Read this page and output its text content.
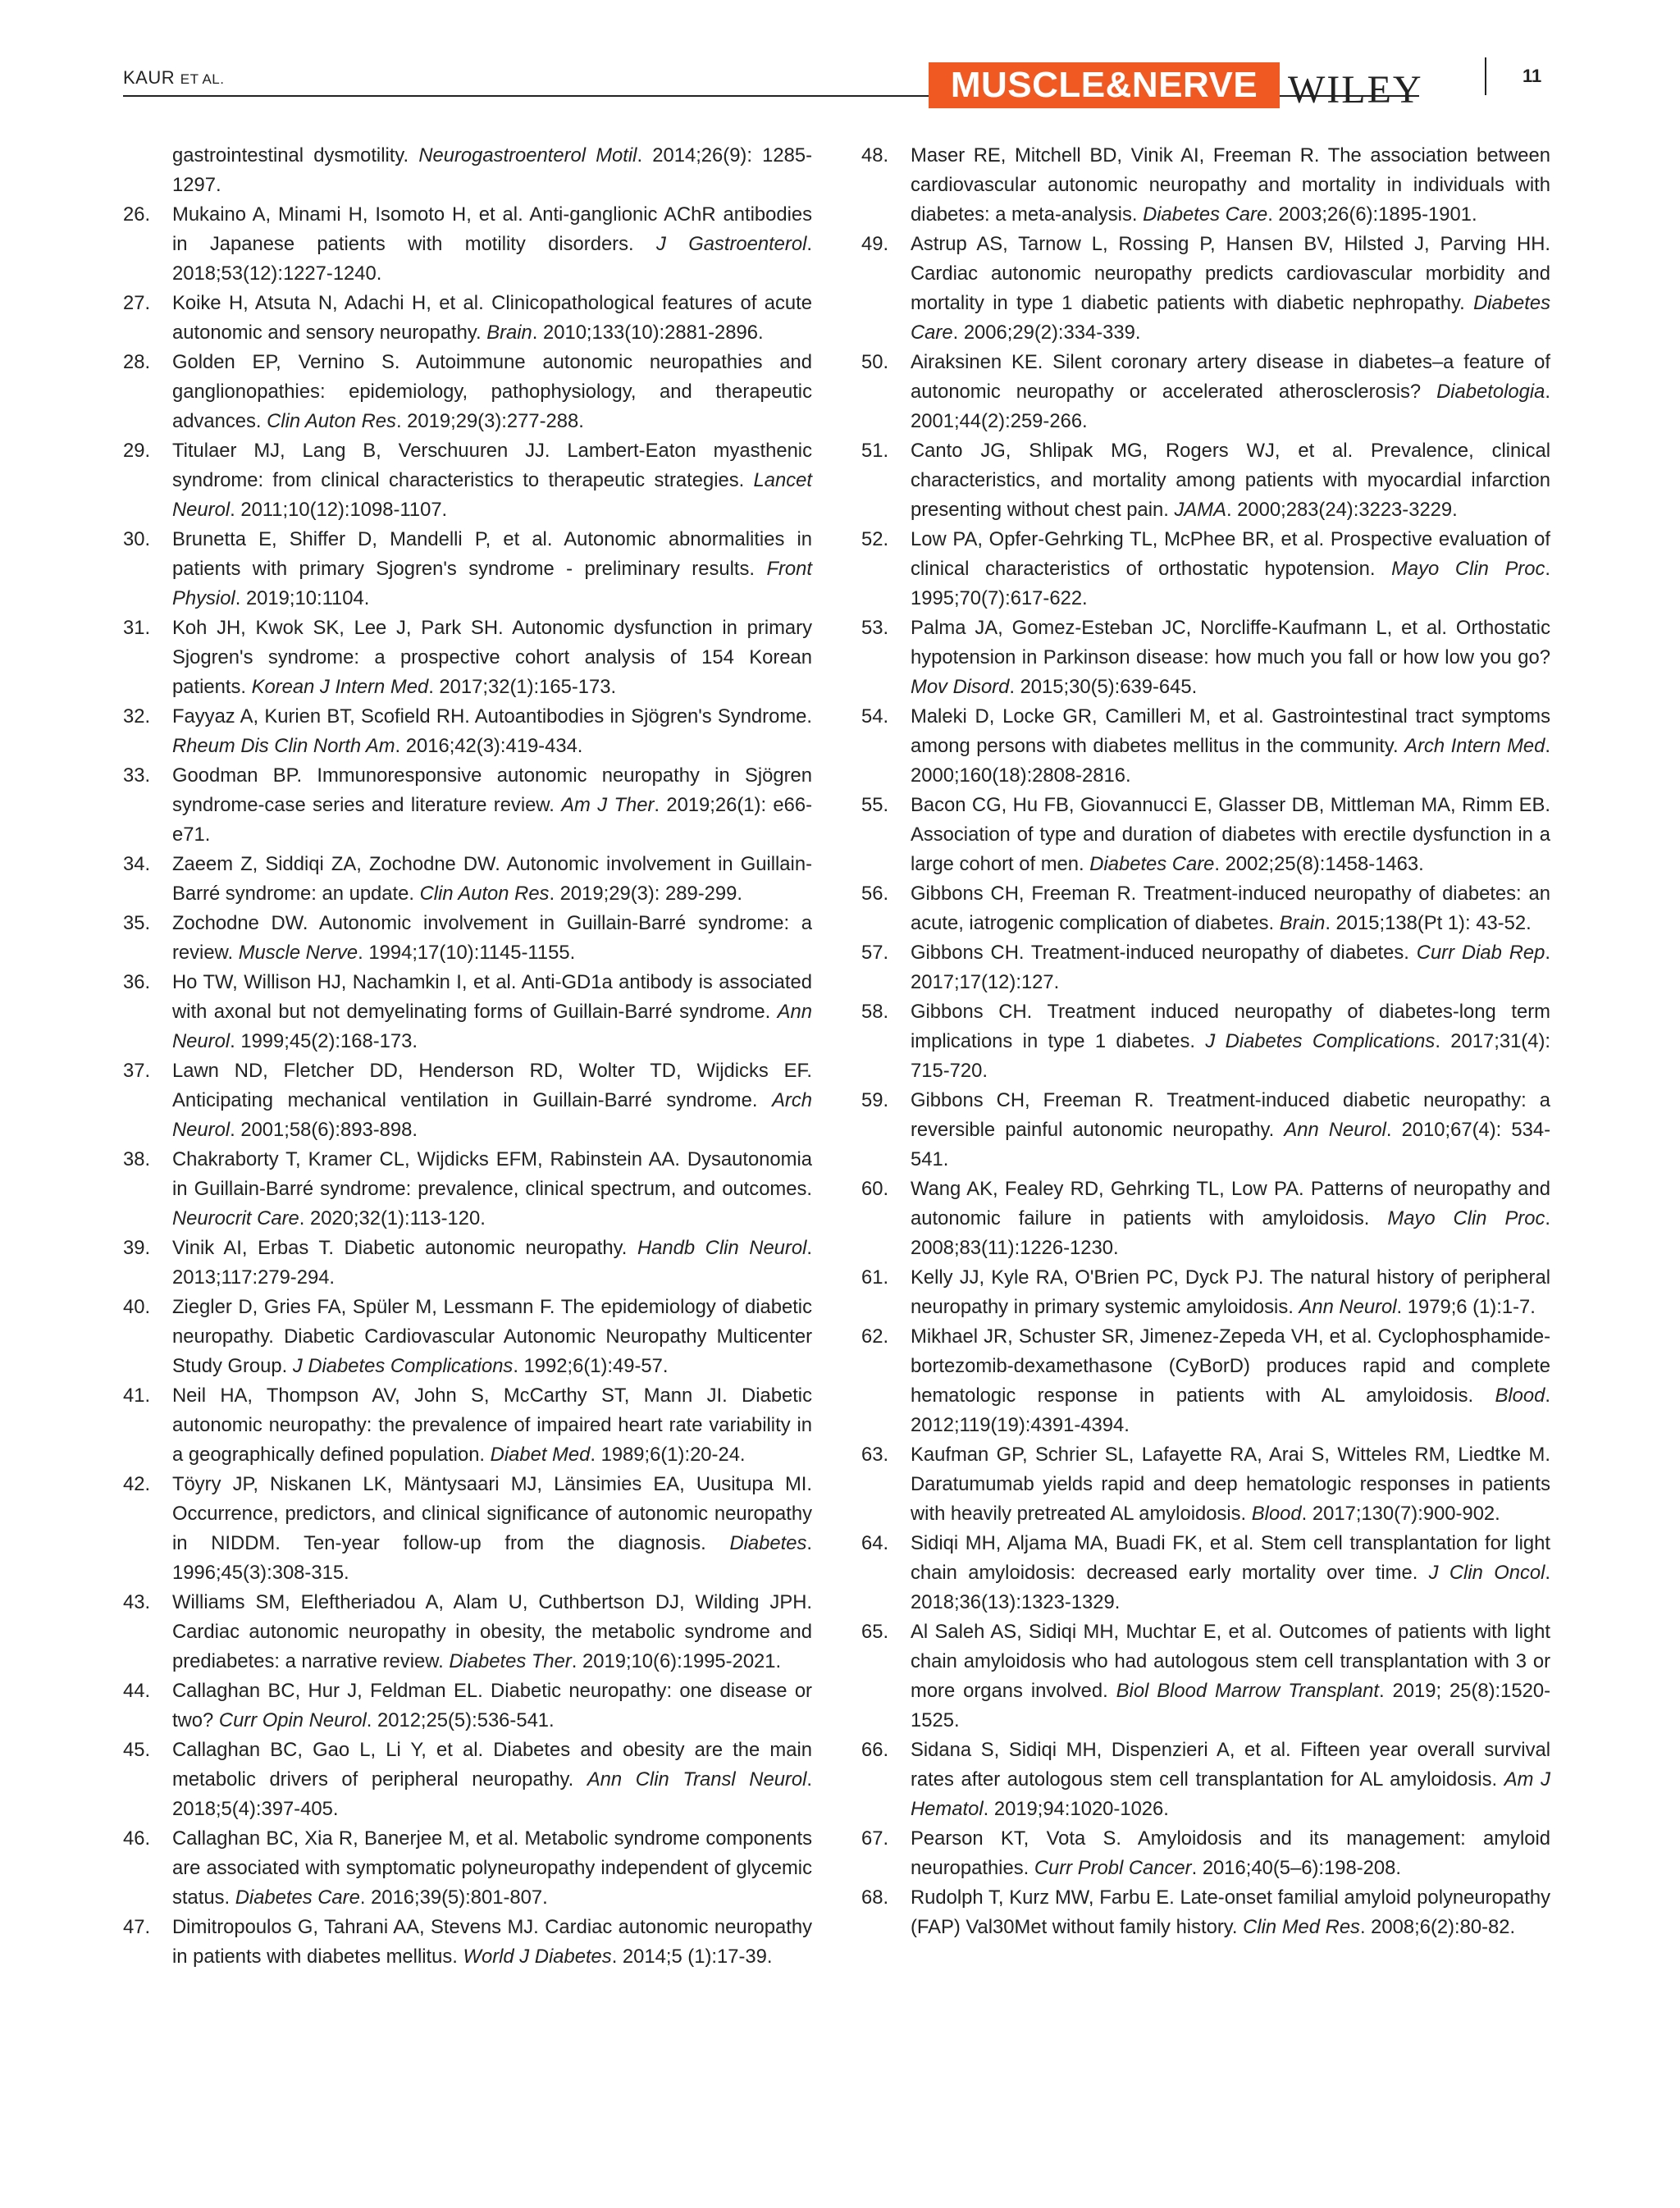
KAUR ET AL.	MUSCLE&NERVE WILEY	11

gastrointestinal dysmotility. Neurogastroenterol Motil. 2014;26(9): 1285-1297.

26. Mukaino A, Minami H, Isomoto H, et al. Anti-ganglionic AChR antibodies in Japanese patients with motility disorders. J Gastroenterol. 2018;53(12):1227-1240.

27. Koike H, Atsuta N, Adachi H, et al. Clinicopathological features of acute autonomic and sensory neuropathy. Brain. 2010;133(10):2881-2896.

28. Golden EP, Vernino S. Autoimmune autonomic neuropathies and ganglionopathies: epidemiology, pathophysiology, and therapeutic advances. Clin Auton Res. 2019;29(3):277-288.

29. Titulaer MJ, Lang B, Verschuuren JJ. Lambert-Eaton myasthenic syndrome: from clinical characteristics to therapeutic strategies. Lancet Neurol. 2011;10(12):1098-1107.

30. Brunetta E, Shiffer D, Mandelli P, et al. Autonomic abnormalities in patients with primary Sjogren's syndrome - preliminary results. Front Physiol. 2019;10:1104.

31. Koh JH, Kwok SK, Lee J, Park SH. Autonomic dysfunction in primary Sjogren's syndrome: a prospective cohort analysis of 154 Korean patients. Korean J Intern Med. 2017;32(1):165-173.

32. Fayyaz A, Kurien BT, Scofield RH. Autoantibodies in Sjögren's Syndrome. Rheum Dis Clin North Am. 2016;42(3):419-434.

33. Goodman BP. Immunoresponsive autonomic neuropathy in Sjögren syndrome-case series and literature review. Am J Ther. 2019;26(1): e66-e71.

34. Zaeem Z, Siddiqi ZA, Zochodne DW. Autonomic involvement in Guillain-Barré syndrome: an update. Clin Auton Res. 2019;29(3): 289-299.

35. Zochodne DW. Autonomic involvement in Guillain-Barré syndrome: a review. Muscle Nerve. 1994;17(10):1145-1155.

36. Ho TW, Willison HJ, Nachamkin I, et al. Anti-GD1a antibody is associated with axonal but not demyelinating forms of Guillain-Barré syndrome. Ann Neurol. 1999;45(2):168-173.

37. Lawn ND, Fletcher DD, Henderson RD, Wolter TD, Wijdicks EF. Anticipating mechanical ventilation in Guillain-Barré syndrome. Arch Neurol. 2001;58(6):893-898.

38. Chakraborty T, Kramer CL, Wijdicks EFM, Rabinstein AA. Dysautonomia in Guillain-Barré syndrome: prevalence, clinical spectrum, and outcomes. Neurocrit Care. 2020;32(1):113-120.

39. Vinik AI, Erbas T. Diabetic autonomic neuropathy. Handb Clin Neurol. 2013;117:279-294.

40. Ziegler D, Gries FA, Spüler M, Lessmann F. The epidemiology of diabetic neuropathy. Diabetic Cardiovascular Autonomic Neuropathy Multicenter Study Group. J Diabetes Complications. 1992;6(1):49-57.

41. Neil HA, Thompson AV, John S, McCarthy ST, Mann JI. Diabetic autonomic neuropathy: the prevalence of impaired heart rate variability in a geographically defined population. Diabet Med. 1989;6(1):20-24.

42. Töyry JP, Niskanen LK, Mäntysaari MJ, Länsimies EA, Uusitupa MI. Occurrence, predictors, and clinical significance of autonomic neuropathy in NIDDM. Ten-year follow-up from the diagnosis. Diabetes. 1996;45(3):308-315.

43. Williams SM, Eleftheriadou A, Alam U, Cuthbertson DJ, Wilding JPH. Cardiac autonomic neuropathy in obesity, the metabolic syndrome and prediabetes: a narrative review. Diabetes Ther. 2019;10(6):1995-2021.

44. Callaghan BC, Hur J, Feldman EL. Diabetic neuropathy: one disease or two? Curr Opin Neurol. 2012;25(5):536-541.

45. Callaghan BC, Gao L, Li Y, et al. Diabetes and obesity are the main metabolic drivers of peripheral neuropathy. Ann Clin Transl Neurol. 2018;5(4):397-405.

46. Callaghan BC, Xia R, Banerjee M, et al. Metabolic syndrome components are associated with symptomatic polyneuropathy independent of glycemic status. Diabetes Care. 2016;39(5):801-807.

47. Dimitropoulos G, Tahrani AA, Stevens MJ. Cardiac autonomic neuropathy in patients with diabetes mellitus. World J Diabetes. 2014;5 (1):17-39.

48. Maser RE, Mitchell BD, Vinik AI, Freeman R. The association between cardiovascular autonomic neuropathy and mortality in individuals with diabetes: a meta-analysis. Diabetes Care. 2003;26(6):1895-1901.

49. Astrup AS, Tarnow L, Rossing P, Hansen BV, Hilsted J, Parving HH. Cardiac autonomic neuropathy predicts cardiovascular morbidity and mortality in type 1 diabetic patients with diabetic nephropathy. Diabetes Care. 2006;29(2):334-339.

50. Airaksinen KE. Silent coronary artery disease in diabetes–a feature of autonomic neuropathy or accelerated atherosclerosis? Diabetologia. 2001;44(2):259-266.

51. Canto JG, Shlipak MG, Rogers WJ, et al. Prevalence, clinical characteristics, and mortality among patients with myocardial infarction presenting without chest pain. JAMA. 2000;283(24):3223-3229.

52. Low PA, Opfer-Gehrking TL, McPhee BR, et al. Prospective evaluation of clinical characteristics of orthostatic hypotension. Mayo Clin Proc. 1995;70(7):617-622.

53. Palma JA, Gomez-Esteban JC, Norcliffe-Kaufmann L, et al. Orthostatic hypotension in Parkinson disease: how much you fall or how low you go? Mov Disord. 2015;30(5):639-645.

54. Maleki D, Locke GR, Camilleri M, et al. Gastrointestinal tract symptoms among persons with diabetes mellitus in the community. Arch Intern Med. 2000;160(18):2808-2816.

55. Bacon CG, Hu FB, Giovannucci E, Glasser DB, Mittleman MA, Rimm EB. Association of type and duration of diabetes with erectile dysfunction in a large cohort of men. Diabetes Care. 2002;25(8):1458-1463.

56. Gibbons CH, Freeman R. Treatment-induced neuropathy of diabetes: an acute, iatrogenic complication of diabetes. Brain. 2015;138(Pt 1): 43-52.

57. Gibbons CH. Treatment-induced neuropathy of diabetes. Curr Diab Rep. 2017;17(12):127.

58. Gibbons CH. Treatment induced neuropathy of diabetes-long term implications in type 1 diabetes. J Diabetes Complications. 2017;31(4): 715-720.

59. Gibbons CH, Freeman R. Treatment-induced diabetic neuropathy: a reversible painful autonomic neuropathy. Ann Neurol. 2010;67(4): 534-541.

60. Wang AK, Fealey RD, Gehrking TL, Low PA. Patterns of neuropathy and autonomic failure in patients with amyloidosis. Mayo Clin Proc. 2008;83(11):1226-1230.

61. Kelly JJ, Kyle RA, O'Brien PC, Dyck PJ. The natural history of peripheral neuropathy in primary systemic amyloidosis. Ann Neurol. 1979;6 (1):1-7.

62. Mikhael JR, Schuster SR, Jimenez-Zepeda VH, et al. Cyclophosphamide-bortezomib-dexamethasone (CyBorD) produces rapid and complete hematologic response in patients with AL amyloidosis. Blood. 2012;119(19):4391-4394.

63. Kaufman GP, Schrier SL, Lafayette RA, Arai S, Witteles RM, Liedtke M. Daratumumab yields rapid and deep hematologic responses in patients with heavily pretreated AL amyloidosis. Blood. 2017;130(7):900-902.

64. Sidiqi MH, Aljama MA, Buadi FK, et al. Stem cell transplantation for light chain amyloidosis: decreased early mortality over time. J Clin Oncol. 2018;36(13):1323-1329.

65. Al Saleh AS, Sidiqi MH, Muchtar E, et al. Outcomes of patients with light chain amyloidosis who had autologous stem cell transplantation with 3 or more organs involved. Biol Blood Marrow Transplant. 2019; 25(8):1520-1525.

66. Sidana S, Sidiqi MH, Dispenzieri A, et al. Fifteen year overall survival rates after autologous stem cell transplantation for AL amyloidosis. Am J Hematol. 2019;94:1020-1026.

67. Pearson KT, Vota S. Amyloidosis and its management: amyloid neuropathies. Curr Probl Cancer. 2016;40(5–6):198-208.

68. Rudolph T, Kurz MW, Farbu E. Late-onset familial amyloid polyneuropathy (FAP) Val30Met without family history. Clin Med Res. 2008;6(2):80-82.
